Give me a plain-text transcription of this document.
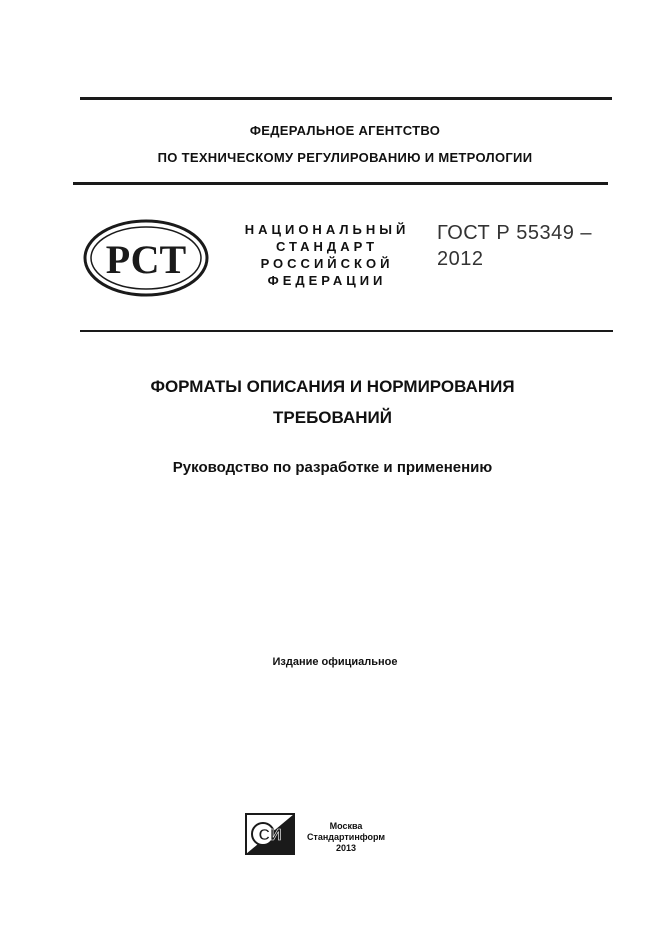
ФЕДЕРАЛЬНОЕ АГЕНТСТВО
ПО ТЕХНИЧЕСКОМУ РЕГУЛИРОВАНИЮ И МЕТРОЛОГИИ
РСТ
НАЦИОНАЛЬНЫЙ
СТАНДАРТ
РОССИЙСКОЙ
ФЕДЕРАЦИИ
ГОСТ Р 55349 –
2012
ФОРМАТЫ ОПИСАНИЯ И НОРМИРОВАНИЯ
ТРЕБОВАНИЙ
Руководство по разработке и применению
Издание официальное
СИ
Москва
Стандартинформ
2013
